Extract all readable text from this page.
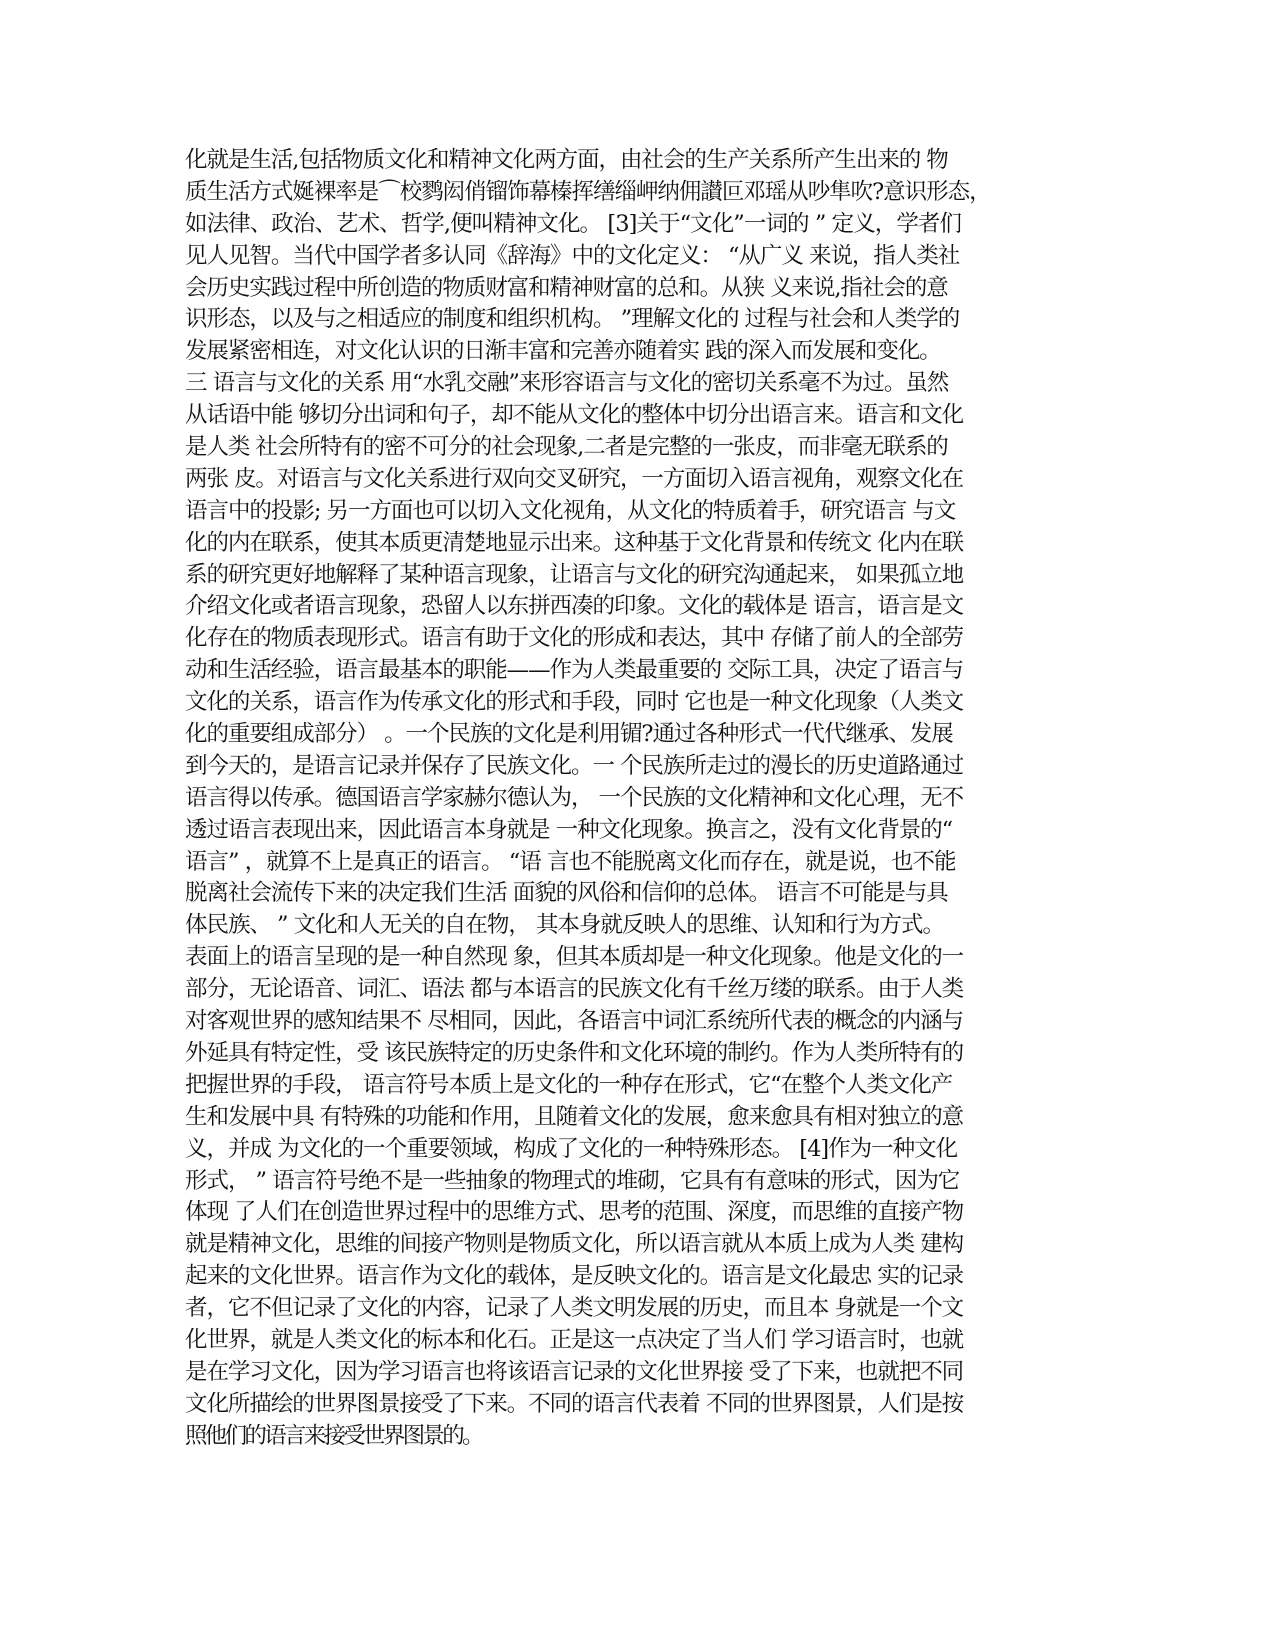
化就是生活,包括物质文化和精神文化两方面，由社会的生产关系所产生出来的 物
质生活方式娫裸率是⌒校鹨闳俏镏饰幕榛挥缮缁岬纳佣讃叵邓瑶从吵隼吹?意识形态，
如法律、政治、艺术、哲学,便叫精神文化。 [3]关于“文化”一词的 ” 定义，学者们
见人见智。当代中国学者多认同《辞海》中的文化定义： “从广义 来说，指人类社
会历史实践过程中所创造的物质财富和精神财富的总和。从狭 义来说,指社会的意
识形态，以及与之相适应的制度和组织机构。 ”理解文化的 过程与社会和人类学的
发展紧密相连，对文化认识的日渐丰富和完善亦随着实 践的深入而发展和变化。
三 语言与文化的关系 用“水乳交融”来形容语言与文化的密切关系毫不为过。虽然
从话语中能 够切分出词和句子，却不能从文化的整体中切分出语言来。语言和文化
是人类 社会所特有的密不可分的社会现象,二者是完整的一张皮，而非毫无联系的
两张 皮。对语言与文化关系进行双向交叉研究，一方面切入语言视角，观察文化在
语言中的投影; 另一方面也可以切入文化视角，从文化的特质着手，研究语言 与文
化的内在联系，使其本质更清楚地显示出来。这种基于文化背景和传统文 化内在联
系的研究更好地解释了某种语言现象，让语言与文化的研究沟通起来， 如果孤立地
介绍文化或者语言现象，恐留人以东拼西凑的印象。文化的载体是 语言，语言是文
化存在的物质表现形式。语言有助于文化的形成和表达，其中 存储了前人的全部劳
动和生活经验，语言最基本的职能——作为人类最重要的 交际工具，决定了语言与
文化的关系，语言作为传承文化的形式和手段，同时 它也是一种文化现象（人类文
化的重要组成部分） 。一个民族的文化是利用镅?通过各种形式一代代继承、发展
到今天的，是语言记录并保存了民族文化。一 个民族所走过的漫长的历史道路通过
语言得以传承。德国语言学家赫尔德认为， 一个民族的文化精神和文化心理，无不
透过语言表现出来，因此语言本身就是 一种文化现象。换言之，没有文化背景的“
语言” ，就算不上是真正的语言。 “语 言也不能脱离文化而存在，就是说，也不能
脱离社会流传下来的决定我们生活 面貌的风俗和信仰的总体。 语言不可能是与具
体民族、 ” 文化和人无关的自在物， 其本身就反映人的思维、认知和行为方式。
表面上的语言呈现的是一种自然现 象，但其本质却是一种文化现象。他是文化的一
部分，无论语音、词汇、语法 都与本语言的民族文化有千丝万缕的联系。由于人类
对客观世界的感知结果不 尽相同，因此，各语言中词汇系统所代表的概念的内涵与
外延具有特定性，受 该民族特定的历史条件和文化环境的制约。作为人类所特有的
把握世界的手段， 语言符号本质上是文化的一种存在形式，它“在整个人类文化产
生和发展中具 有特殊的功能和作用，且随着文化的发展，愈来愈具有相对独立的意
义，并成 为文化的一个重要领域，构成了文化的一种特殊形态。 [4]作为一种文化
形式， ” 语言符号绝不是一些抽象的物理式的堆砌，它具有有意味的形式，因为它
体现 了人们在创造世界过程中的思维方式、思考的范围、深度，而思维的直接产物
就是精神文化，思维的间接产物则是物质文化，所以语言就从本质上成为人类 建构
起来的文化世界。语言作为文化的载体，是反映文化的。语言是文化最忠 实的记录
者，它不但记录了文化的内容，记录了人类文明发展的历史，而且本 身就是一个文
化世界，就是人类文化的标本和化石。正是这一点决定了当人们 学习语言时，也就
是在学习文化，因为学习语言也将该语言记录的文化世界接 受了下来，也就把不同
文化所描绘的世界图景接受了下来。不同的语言代表着 不同的世界图景，人们是按
照他们的语言来接受世界图景的。
